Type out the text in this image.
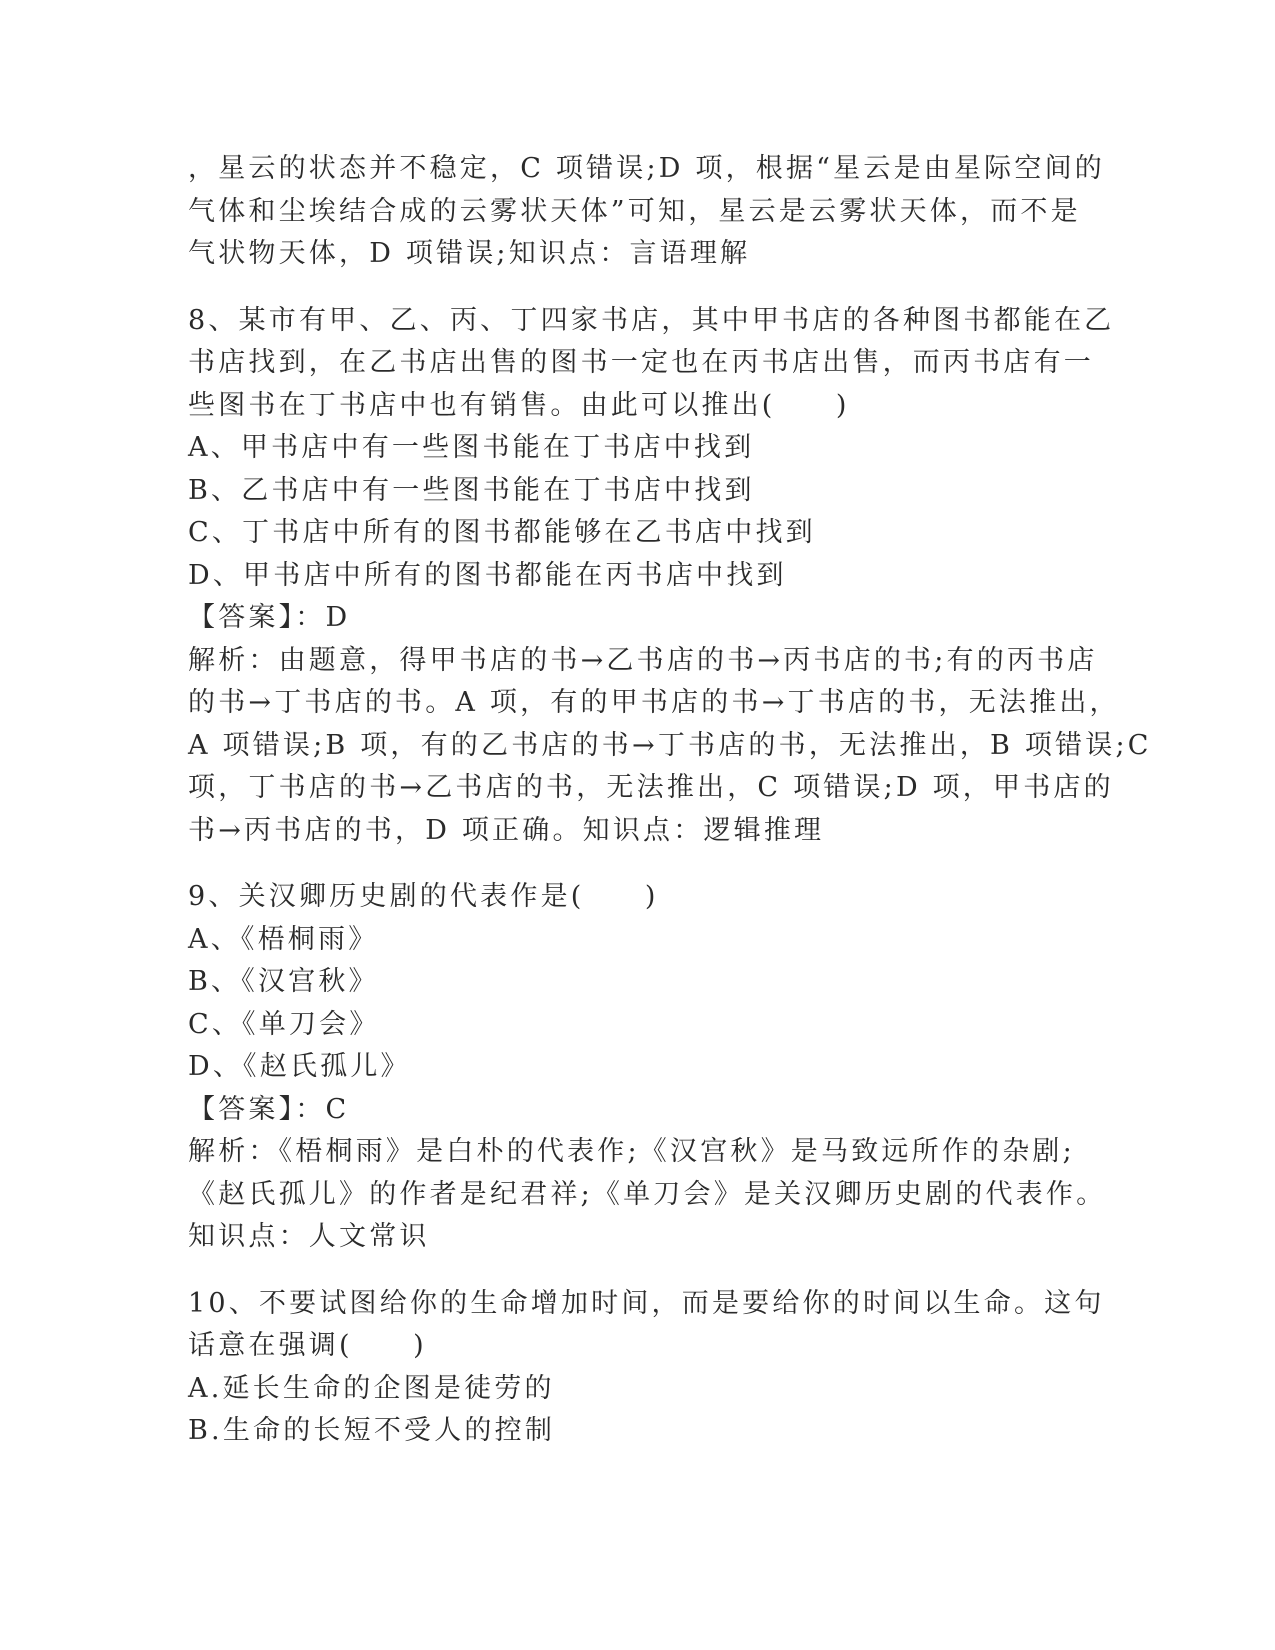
，星云的状态并不稳定，C 项错误;D 项，根据“星云是由星际空间的
气体和尘埃结合成的云雾状天体”可知，星云是云雾状天体，而不是
气状物天体，D 项错误;知识点：言语理解
8、某市有甲、乙、丙、丁四家书店，其中甲书店的各种图书都能在乙
书店找到，在乙书店出售的图书一定也在丙书店出售，而丙书店有一
些图书在丁书店中也有销售。由此可以推出(　　)
A、甲书店中有一些图书能在丁书店中找到
B、乙书店中有一些图书能在丁书店中找到
C、丁书店中所有的图书都能够在乙书店中找到
D、甲书店中所有的图书都能在丙书店中找到
【答案】：D
解析：由题意，得甲书店的书→乙书店的书→丙书店的书;有的丙书店
的书→丁书店的书。A 项，有的甲书店的书→丁书店的书，无法推出，
A 项错误;B 项，有的乙书店的书→丁书店的书，无法推出，B 项错误;C
项，丁书店的书→乙书店的书，无法推出，C 项错误;D 项，甲书店的
书→丙书店的书，D 项正确。知识点：逻辑推理
9、关汉卿历史剧的代表作是(　　)
A、《梧桐雨》
B、《汉宫秋》
C、《单刀会》
D、《赵氏孤儿》
【答案】：C
解析：《梧桐雨》是白朴的代表作;《汉宫秋》是马致远所作的杂剧;
《赵氏孤儿》的作者是纪君祥;《单刀会》是关汉卿历史剧的代表作。
知识点：人文常识
10、不要试图给你的生命增加时间，而是要给你的时间以生命。这句
话意在强调(　　)
A.延长生命的企图是徒劳的
B.生命的长短不受人的控制
